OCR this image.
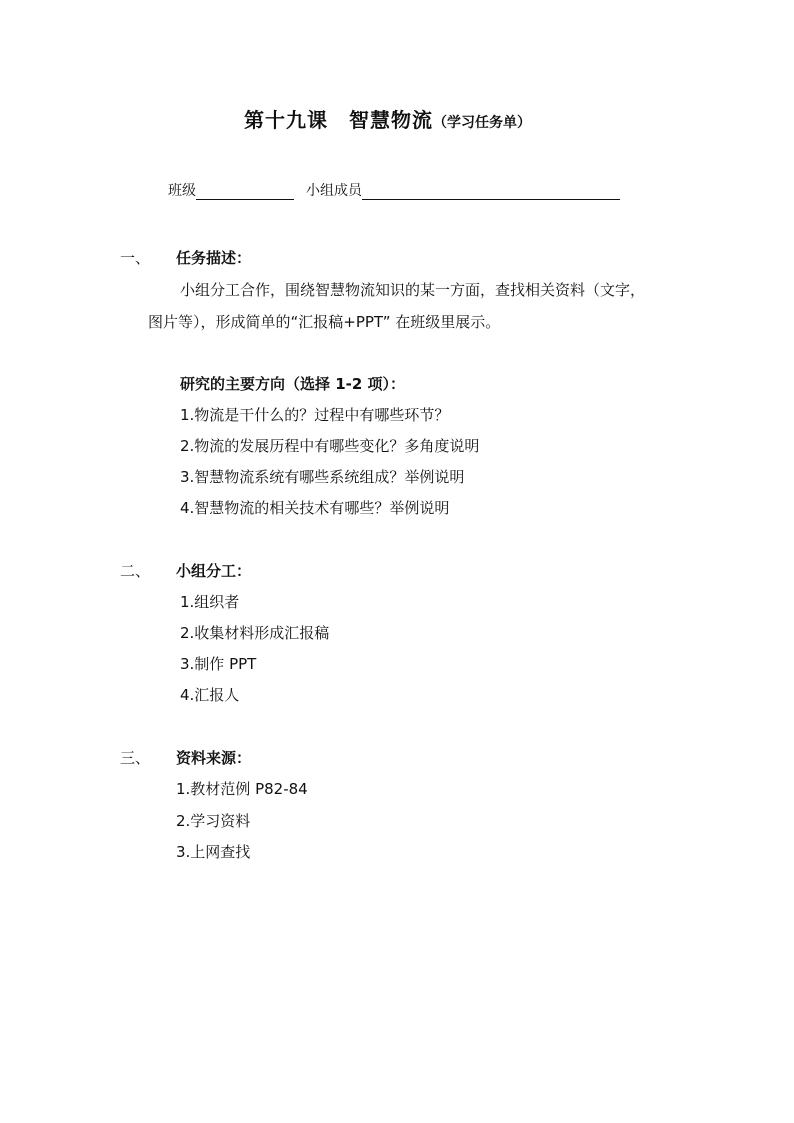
第十九课　智慧物流（学习任务单）
班级	小组成员
一、 任务描述：
小组分工合作，围绕智慧物流知识的某一方面，查找相关资料（文字，
图片等），形成简单的“汇报稿+PPT” 在班级里展示。
研究的主要方向（选择 1-2 项）：
1.物流是干什么的？过程中有哪些环节？
2.物流的发展历程中有哪些变化？多角度说明
3.智慧物流系统有哪些系统组成？举例说明
4.智慧物流的相关技术有哪些？举例说明
二、 小组分工：
1.组织者
2.收集材料形成汇报稿
3.制作 PPT
4.汇报人
三、 资料来源：
1.教材范例 P82-84
2.学习资料
3.上网查找
